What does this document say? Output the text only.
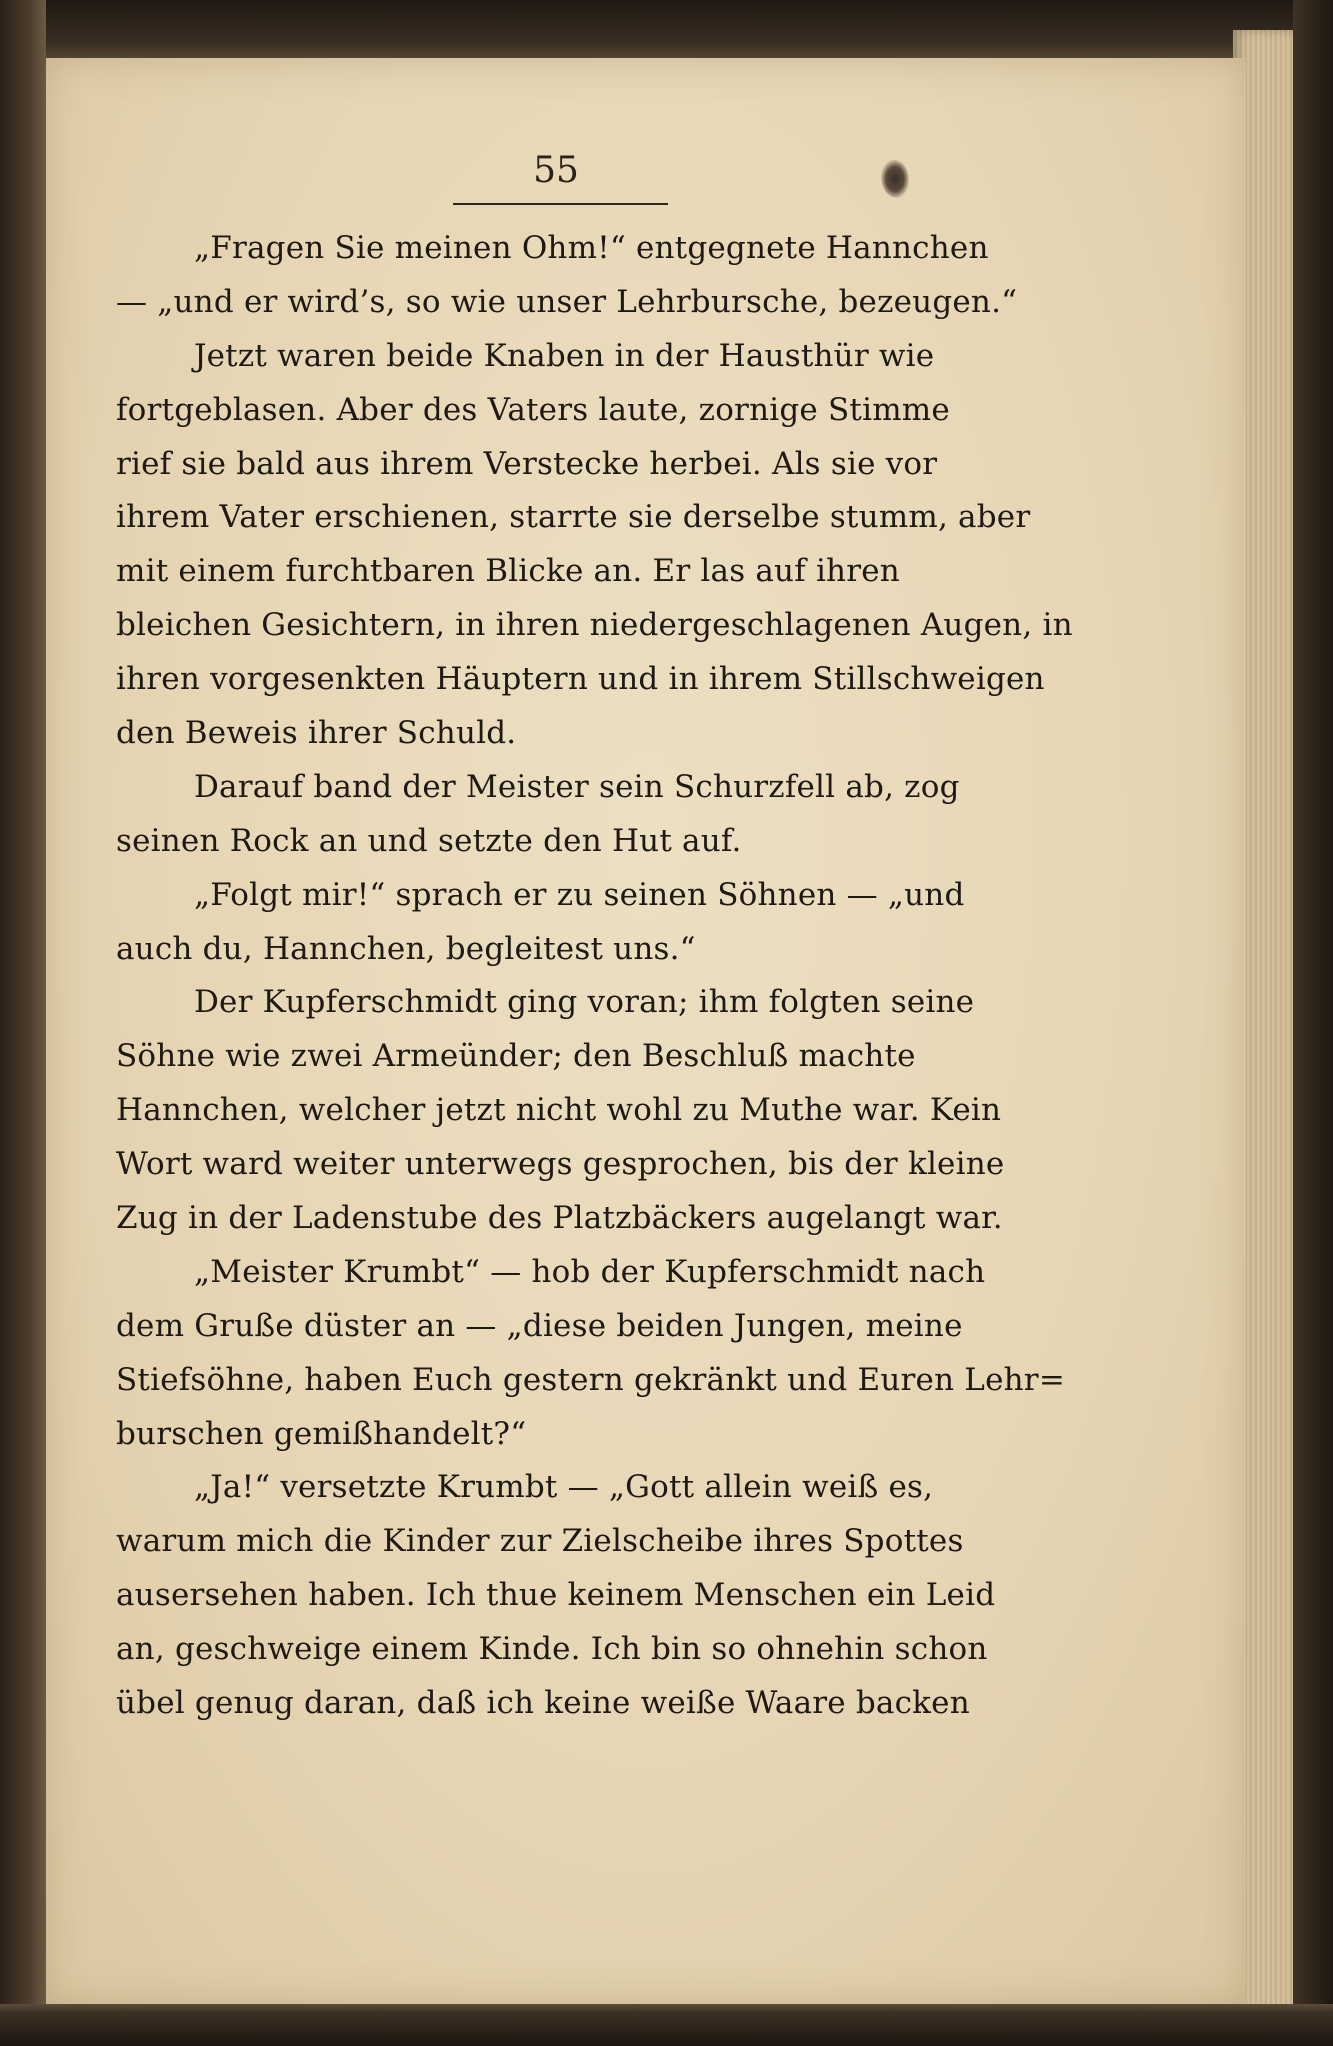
55
„Fragen Sie meinen Ohm!“ entgegnete Hannchen
— „und er wird’s, so wie unser Lehrbursche, bezeugen.“
Jetzt waren beide Knaben in der Hausthür wie
fortgeblasen. Aber des Vaters laute, zornige Stimme
rief sie bald aus ihrem Verstecke herbei. Als sie vor
ihrem Vater erschienen, starrte sie derselbe stumm, aber
mit einem furchtbaren Blicke an. Er las auf ihren
bleichen Gesichtern, in ihren niedergeschlagenen Augen, in
ihren vorgesenkten Häuptern und in ihrem Stillschweigen
den Beweis ihrer Schuld.
Darauf band der Meister sein Schurzfell ab, zog
seinen Rock an und setzte den Hut auf.
„Folgt mir!“ sprach er zu seinen Söhnen — „und
auch du, Hannchen, begleitest uns.“
Der Kupferschmidt ging voran; ihm folgten seine
Söhne wie zwei Armeünder; den Beschluß machte
Hannchen, welcher jetzt nicht wohl zu Muthe war. Kein
Wort ward weiter unterwegs gesprochen, bis der kleine
Zug in der Ladenstube des Platzbäckers augelangt war.
„Meister Krumbt“ — hob der Kupferschmidt nach
dem Gruße düster an — „diese beiden Jungen, meine
Stiefsöhne, haben Euch gestern gekränkt und Euren Lehr=
burschen gemißhandelt?“
„Ja!“ versetzte Krumbt — „Gott allein weiß es,
warum mich die Kinder zur Zielscheibe ihres Spottes
ausersehen haben. Ich thue keinem Menschen ein Leid
an, geschweige einem Kinde. Ich bin so ohnehin schon
übel genug daran, daß ich keine weiße Waare backen
